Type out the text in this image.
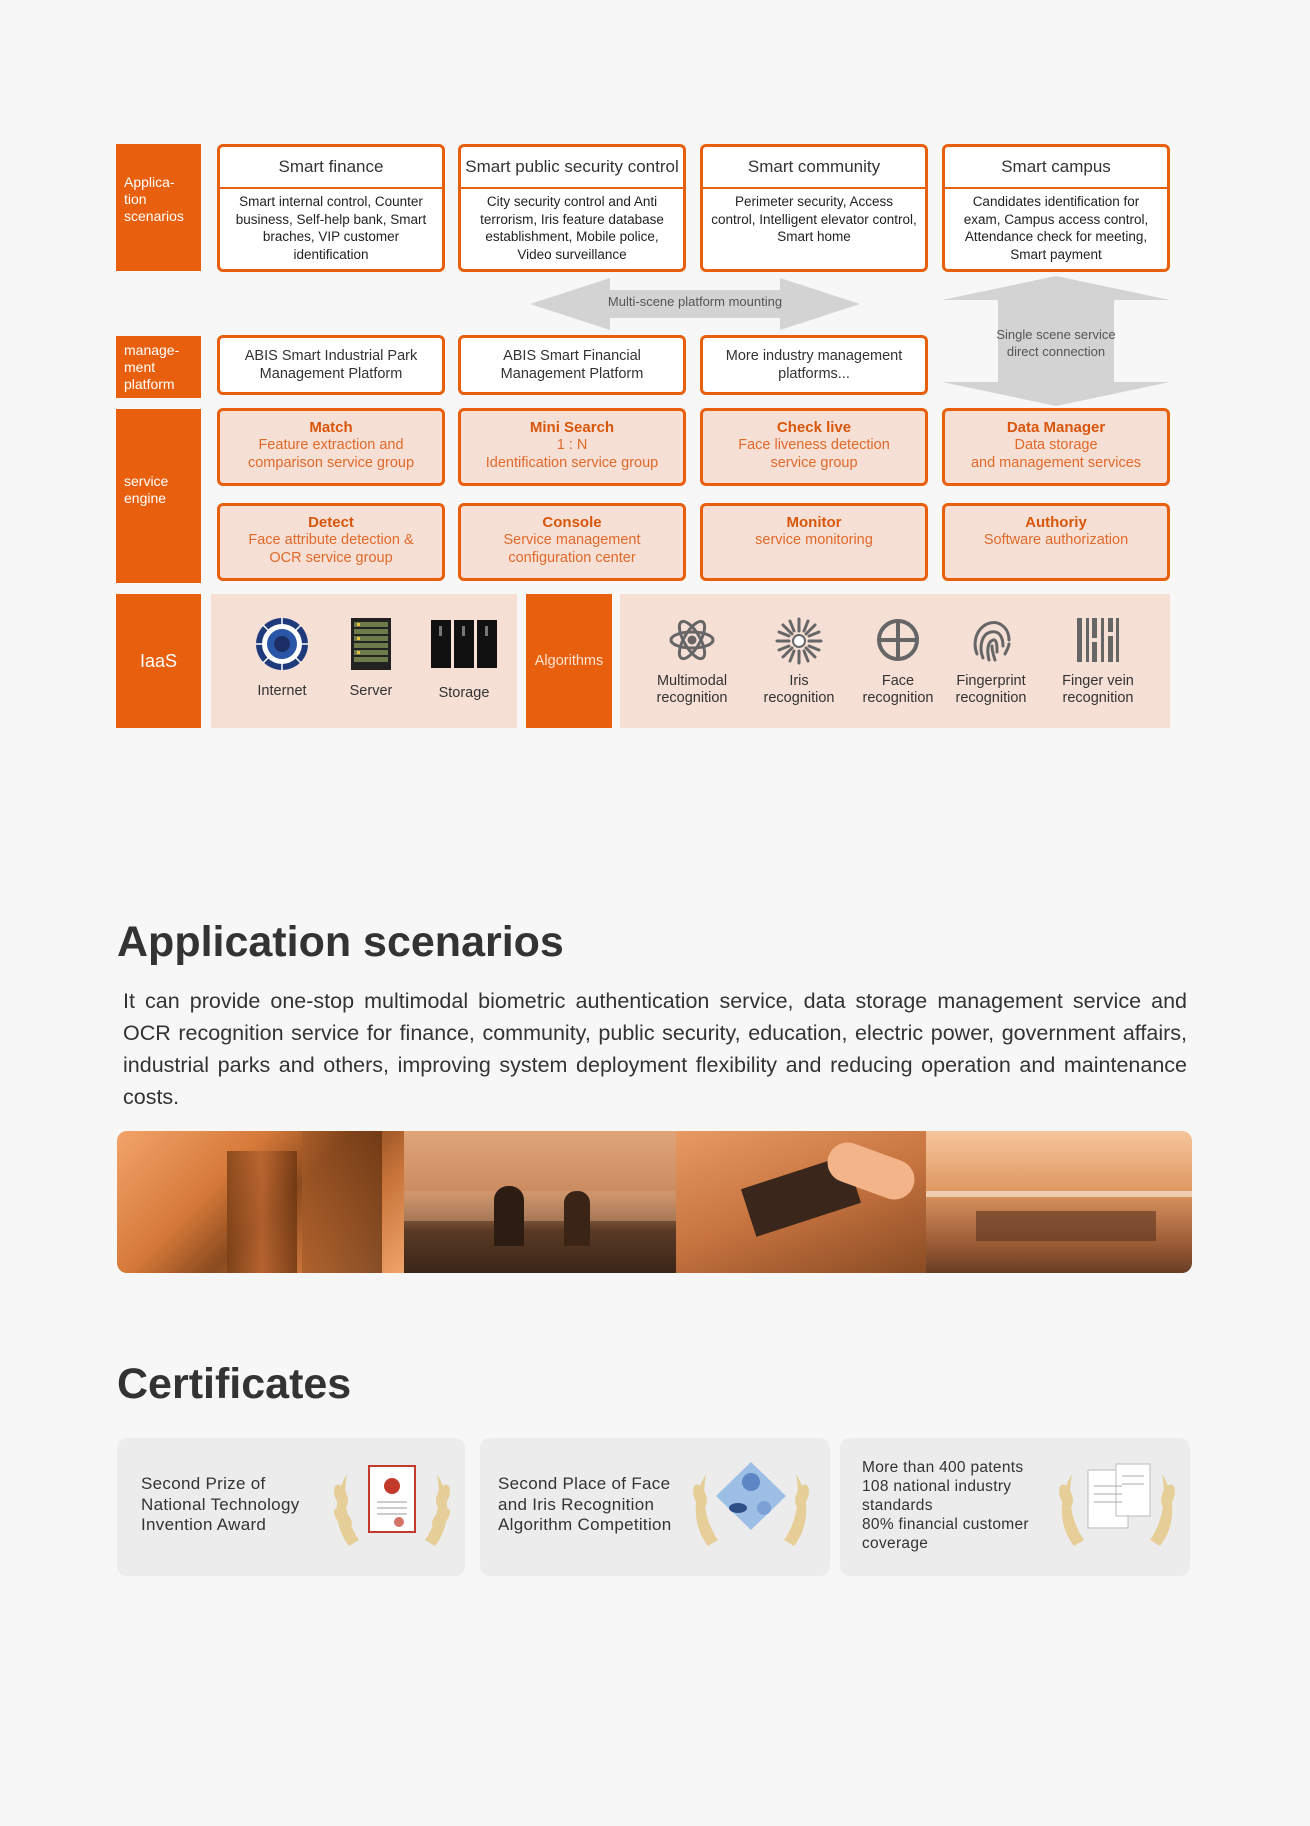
Applica-
tion
scenarios
manage-
ment
platform
service
engine
IaaS
Smart finance
Smart internal control, Counter business, Self-help bank, Smart braches, VIP customer identification
Smart public security control
City security control and Anti terrorism, Iris feature database establishment, Mobile police, Video surveillance
Smart community
Perimeter security, Access control, Intelligent elevator control, Smart home
Smart campus
Candidates identification for exam, Campus access control, Attendance check for meeting, Smart payment
Multi-scene platform mounting
Single scene service direct connection
ABIS Smart Industrial Park Management Platform
ABIS Smart Financial Management Platform
More industry management platforms...
Match
Feature extraction and comparison service group
Mini Search
1 : N
Identification service group
Check live
Face liveness detection service group
Data Manager
Data storage
and management services
Detect
Face attribute detection & OCR service group
Console
Service management configuration center
Monitor
service monitoring
Authoriy
Software authorization
Internet	Server	Storage
Algorithms
Multimodal
recognition
Iris
recognition
Face
recognition
Fingerprint
recognition
Finger vein
recognition
Application scenarios

It can provide one-stop multimodal biometric authentication service, data storage management service and OCR recognition service for finance, community, public security, education, electric power, government affairs, industrial parks and others, improving system deployment flexibility and reducing operation and maintenance costs.

Certificates
Second Prize of
National Technology
Invention Award
Second Place of Face
and Iris Recognition
Algorithm Competition
More than 400 patents
108 national industry
standards
80% financial customer
coverage
